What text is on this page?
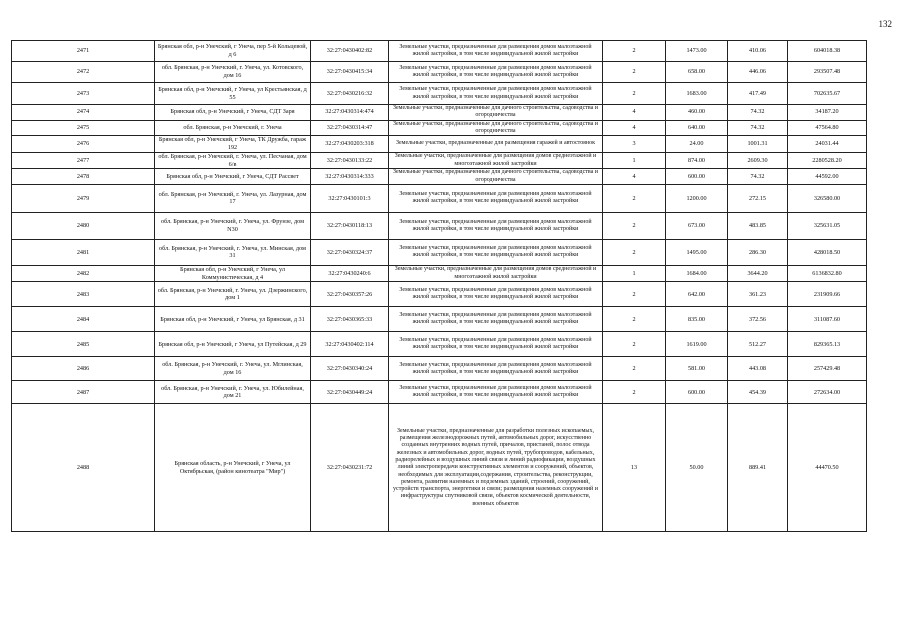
132
2471	Брянская обл, р-н Унечский, г Унеча, пер 5-й Кольцевой, д 6	32:27:0430402:82	Земельные участки, предназначенные для размещения домов малоэтажной жилой застройки, в том числе индивидуальной жилой застройки	2	1473.00	410.06	604018.38
2472	обл. Брянская, р-н Унечский, г. Унеча, ул. Котовского, дом 16	32:27:0430415:34	Земельные участки, предназначенные для размещения домов малоэтажной жилой застройки, в том числе индивидуальной жилой застройки	2	658.00	446.06	293507.48
2473	Брянская обл, р-н Унечский, г Унеча, ул Крестьянская, д 55	32:27:0430216:32	Земельные участки, предназначенные для размещения домов малоэтажной жилой застройки, в том числе индивидуальной жилой застройки	2	1683.00	417.49	702635.67
2474	Брянская обл, р-н Унечский, г Унеча, СДТ Заря	32:27:0430314:474	Земельные участки, предназначенные для дачного строительства, садоводства и огородничества	4	460.00	74.32	34187.20
2475	обл. Брянская, р-н Унечский, г. Унеча	32:27:0430314:47	Земельные участки, предназначенные для дачного строительства, садоводства и огородничества	4	640.00	74.32	47564.80
2476	Брянская обл, р-н Унечский, г Унеча, ТК Дружба, гараж 192	32:27:0430203:318	Земельные участки, предназначенные для размещения гаражей и автостоянок	3	24.00	1001.31	24031.44
2477	обл. Брянская, р-н Унечский, г. Унеча, ул. Песчаная, дом 6/в	32:27:0430133:22	Земельные участки, предназначенные для размещения домов среднеэтажной и многоэтажной жилой застройки	1	874.00	2609.30	2280528.20
2478	Брянская обл, р-н Унечский, г Унеча, СДТ Рассвет	32:27:0430314:333	Земельные участки, предназначенные для дачного строительства, садоводства и огородничества	4	600.00	74.32	44592.00
2479	обл. Брянская, р-н Унечский, г. Унеча, ул. Лазурная, дом 17	32:27:0430101:3	Земельные участки, предназначенные для размещения домов малоэтажной жилой застройки, в том числе индивидуальной жилой застройки	2	1200.00	272.15	326580.00
2480	обл. Брянская, р-н Унечский, г. Унеча, ул. Фрунзе, дом N30	32:27:0430118:13	Земельные участки, предназначенные для размещения домов малоэтажной жилой застройки, в том числе индивидуальной жилой застройки	2	673.00	483.85	325631.05
2481	обл. Брянская, р-н Унечский, г. Унеча, ул. Минская, дом 31	32:27:0430324:37	Земельные участки, предназначенные для размещения домов малоэтажной жилой застройки, в том числе индивидуальной жилой застройки	2	1495.00	286.30	428018.50
2482	Брянская обл, р-н Унечский, г Унеча, ул Коммунистическая, д 4	32:27:0430240:6	Земельные участки, предназначенные для размещения домов среднеэтажной и многоэтажной жилой застройки	1	1684.00	3644.20	6136832.80
2483	обл. Брянская, р-н Унечский, г. Унеча, ул. Дзержинского, дом 1	32:27:0430357:26	Земельные участки, предназначенные для размещения домов малоэтажной жилой застройки, в том числе индивидуальной жилой застройки	2	642.00	361.23	231909.66
2484	Брянская обл, р-н Унечский, г Унеча, ул Брянская, д 31	32:27:0430365:33	Земельные участки, предназначенные для размещения домов малоэтажной жилой застройки, в том числе индивидуальной жилой застройки	2	835.00	372.56	311087.60
2485	Брянская обл, р-н Унечский, г Унеча, ул Путейская, д 29	32:27:0430402:114	Земельные участки, предназначенные для размещения домов малоэтажной жилой застройки, в том числе индивидуальной жилой застройки	2	1619.00	512.27	829365.13
2486	обл. Брянская, р-н Унечский, г. Унеча, ул. Мглинская, дом 16	32:27:0430340:24	Земельные участки, предназначенные для размещения домов малоэтажной жилой застройки, в том числе индивидуальной жилой застройки	2	581.00	443.08	257429.48
2487	обл. Брянская, р-н Унечский, г. Унеча, ул. Юбилейная, дом 21	32:27:0430449:24	Земельные участки, предназначенные для размещения домов малоэтажной жилой застройки, в том числе индивидуальной жилой застройки	2	600.00	454.39	272634.00
2488	Брянская область, р-н Унечский, г Унеча, ул Октябрьская, (район кинотеатра "Мир")	32:27:0430231:72	Земельные участки, предназначенные для разработки полезных ископаемых, размещения железнодорожных путей, автомобильных дорог, искусственно созданных внутренних водных путей, причалов, пристаней, полос отвода железных и автомобильных дорог, водных путей, трубопроводов, кабельных, радиорелейных и воздушных линий связи и линий радиофикации, воздушных линий электропередачи конструктивных элементов и сооружений, объектов, необходимых для эксплуатации,содержания, строительства, реконструкции, ремонта, развития наземных и подземных зданий, строений, сооружений, устройств транспорта, энергетики и связи; размещения наземных сооружений и инфраструктуры спутниковой связи, объектов космической деятельности, военных объектов	13	50.00	889.41	44470.50
